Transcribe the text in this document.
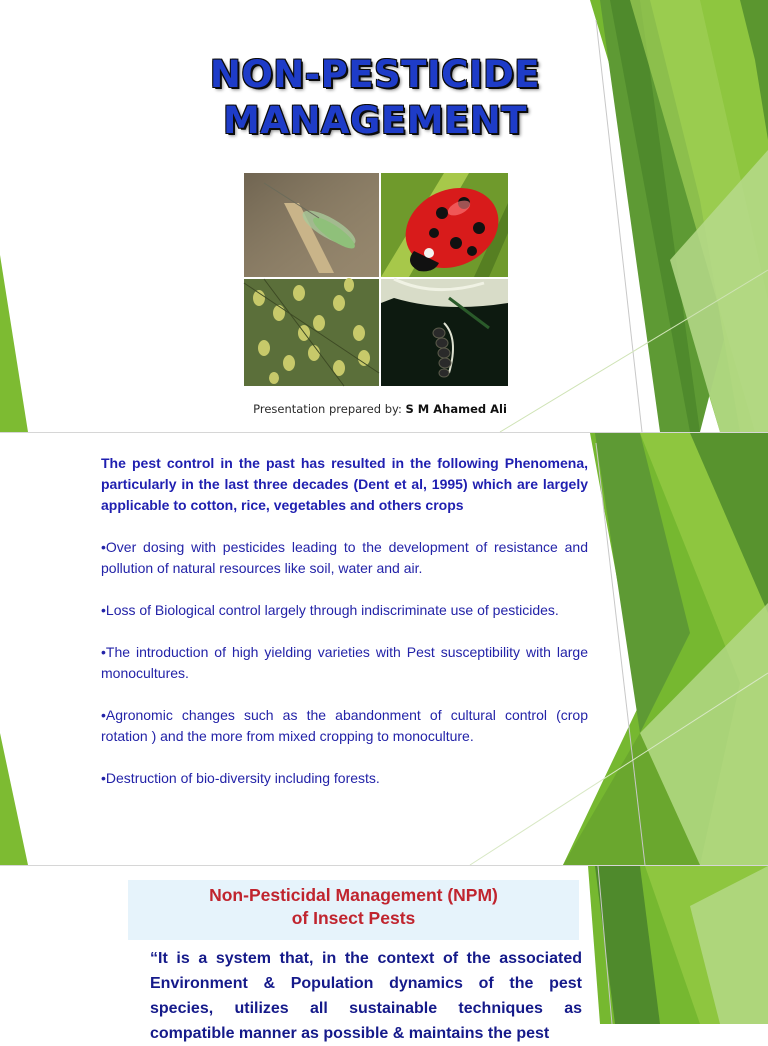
NON-PESTICIDE
MANAGEMENT
Presentation prepared by: S M Ahamed Ali

The pest control in the past has resulted in the following Phenomena, particularly in the last three decades (Dent et al, 1995) which are largely applicable to cotton, rice, vegetables and others crops

•Over dosing with pesticides leading to the development of resistance and pollution of natural resources like soil, water and air.

•Loss of Biological control largely through indiscriminate use of pesticides.

•The introduction of high yielding varieties with Pest susceptibility with large monocultures.

•Agronomic changes such as the abandonment of cultural control (crop rotation ) and the more from mixed cropping to monoculture.

•Destruction of bio-diversity including forests.

Non-Pesticidal Management (NPM)
of Insect Pests
“It is a system that, in the context of the associated Environment & Population dynamics of the pest species, utilizes all sustainable techniques as compatible manner as possible & maintains the pest
